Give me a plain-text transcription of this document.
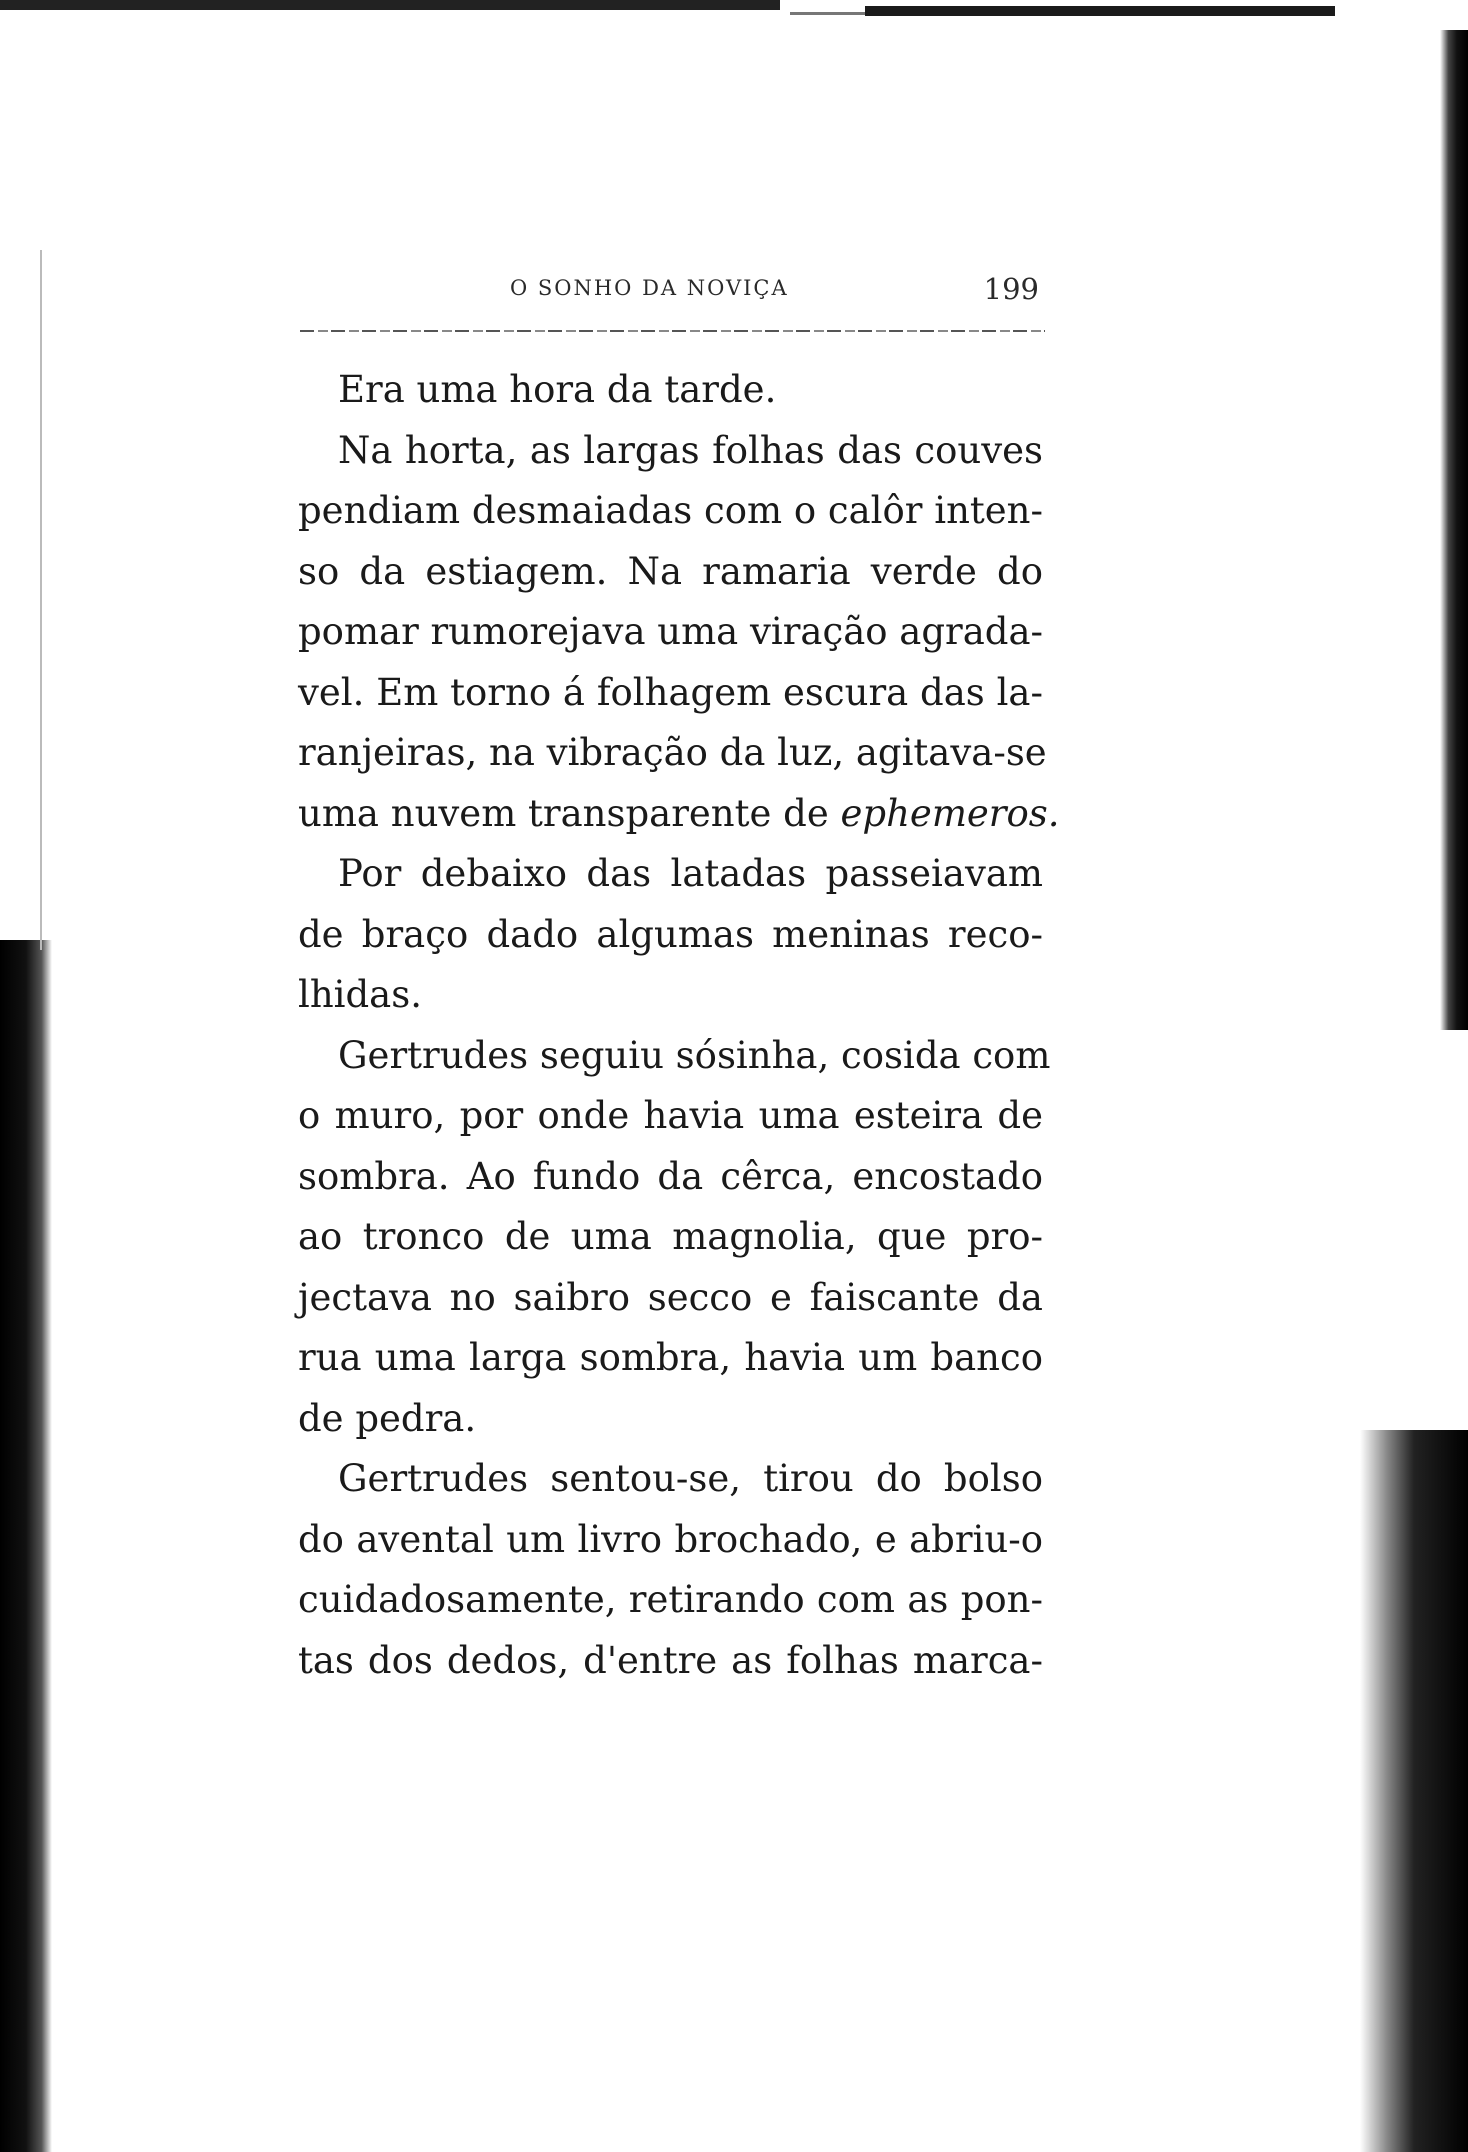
O SONHO DA NOVIÇA	199
Era uma hora da tarde.
Na horta, as largas folhas das couves
pendiam desmaiadas com o calôr inten-
so da estiagem. Na ramaria verde do
pomar rumorejava uma viração agrada-
vel. Em torno á folhagem escura das la-
ranjeiras, na vibração da luz, agitava-se
uma nuvem transparente de ephemeros.
Por debaixo das latadas passeiavam
de braço dado algumas meninas reco-
lhidas.
Gertrudes seguiu sósinha, cosida com
o muro, por onde havia uma esteira de
sombra. Ao fundo da cêrca, encostado
ao tronco de uma magnolia, que pro-
jectava no saibro secco e faiscante da
rua uma larga sombra, havia um banco
de pedra.
Gertrudes sentou-se, tirou do bolso
do avental um livro brochado, e abriu-o
cuidadosamente, retirando com as pon-
tas dos dedos, d'entre as folhas marca-
